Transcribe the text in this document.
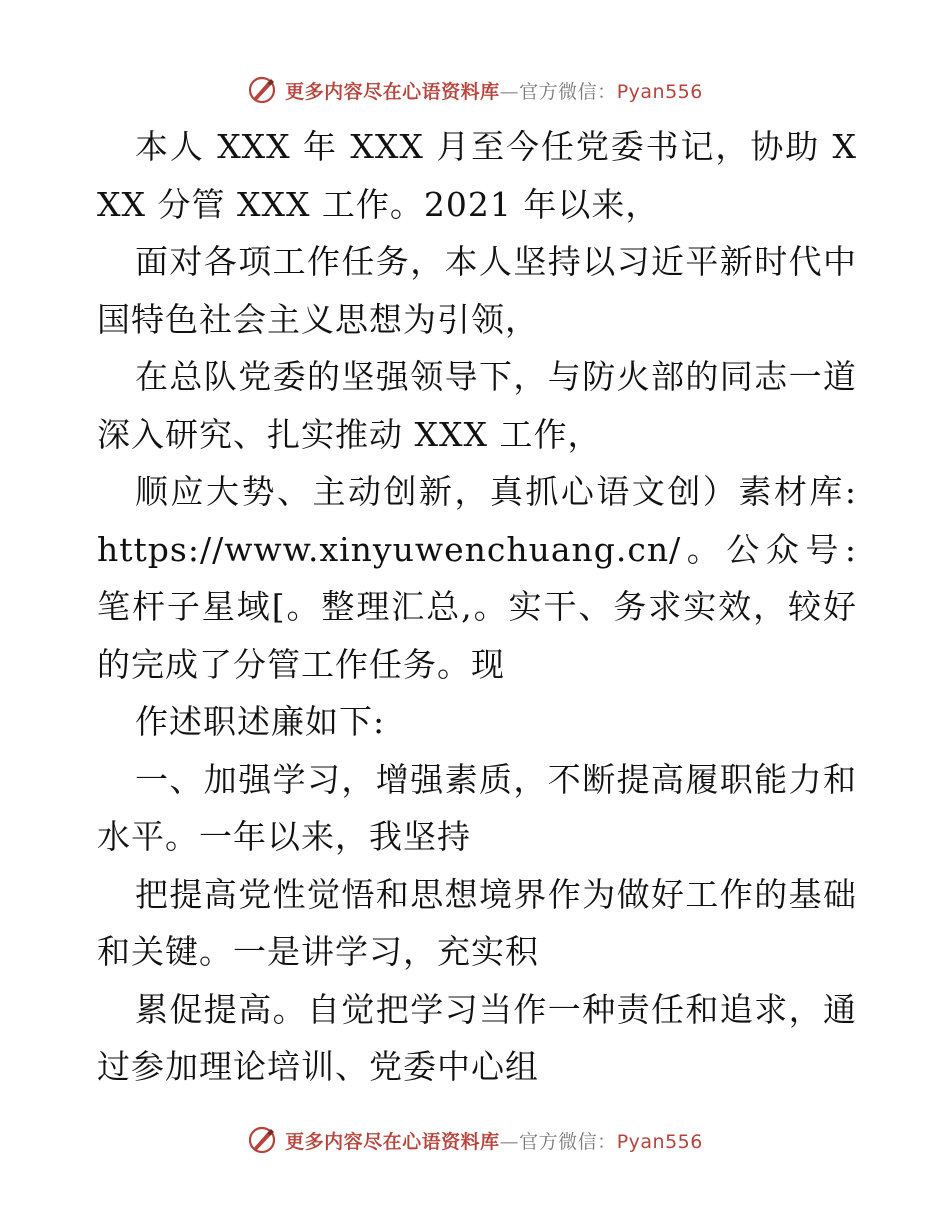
更多内容尽在心语资料库—官方微信：Pyan556

本人 XXX 年 XXX 月至今任党委书记，协助 XXX 分管 XXX 工作。2021 年以来，

面对各项工作任务，本人坚持以习近平新时代中国特色社会主义思想为引领，

在总队党委的坚强领导下，与防火部的同志一道深入研究、扎实推动 XXX 工作，

顺应大势、主动创新，真抓心语文创）素材库: https://www.xinyuwenchuang.cn/。公众号: 笔杆子星域[。整理汇总,。实干、务求实效，较好的完成了分管工作任务。现

作述职述廉如下:

一、加强学习，增强素质，不断提高履职能力和水平。一年以来，我坚持

把提高党性觉悟和思想境界作为做好工作的基础和关键。一是讲学习，充实积

累促提高。自觉把学习当作一种责任和追求，通过参加理论培训、党委中心组

更多内容尽在心语资料库—官方微信：Pyan556
